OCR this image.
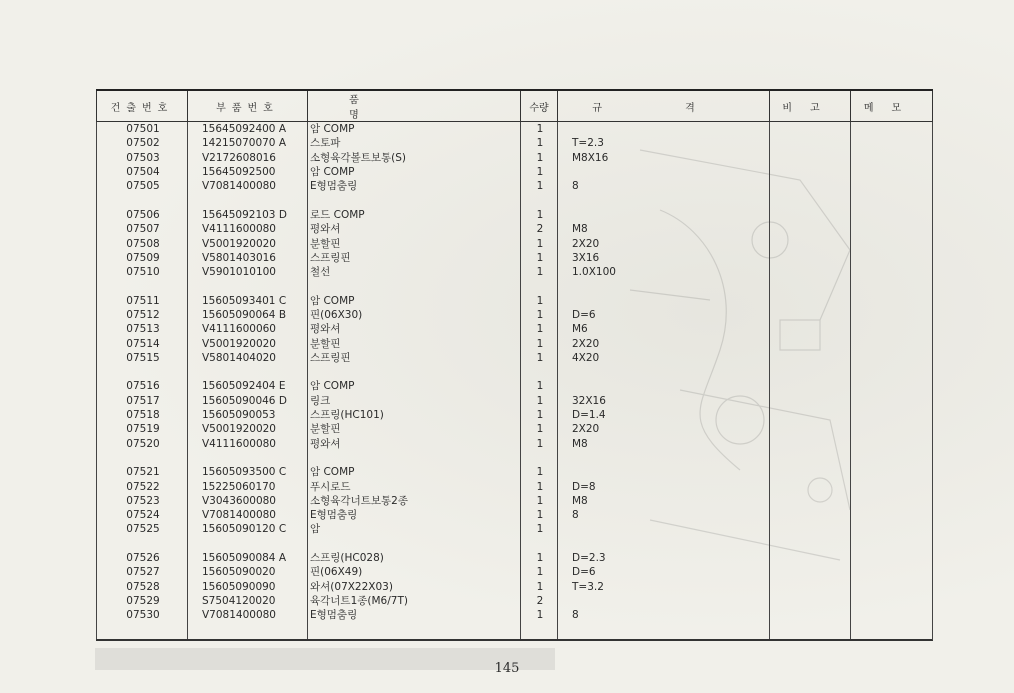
건출번호	부품번호	품 명	수량	규 격	비고	메모
07501	15645092400 A	암 COMP	1			
07502	14215070070 A	스토파	1	T=2.3		
07503	V2172608016	소형육각볼트보통(S)	1	M8X16		
07504	15645092500	암 COMP	1			
07505	V7081400080	E형멈춤링	1	8		

07506	15645092103 D	로드 COMP	1			
07507	V4111600080	평와셔	2	M8		
07508	V5001920020	분할핀	1	2X20		
07509	V5801403016	스프링핀	1	3X16		
07510	V5901010100	철선	1	1.0X100		

07511	15605093401 C	암 COMP	1			
07512	15605090064 B	핀(06X30)	1	D=6		
07513	V4111600060	평와셔	1	M6		
07514	V5001920020	분할핀	1	2X20		
07515	V5801404020	스프링핀	1	4X20		

07516	15605092404 E	암 COMP	1			
07517	15605090046 D	링크	1	32X16		
07518	15605090053	스프링(HC101)	1	D=1.4		
07519	V5001920020	분할핀	1	2X20		
07520	V4111600080	평와셔	1	M8		

07521	15605093500 C	암 COMP	1			
07522	15225060170	푸시로드	1	D=8		
07523	V3043600080	소형육각너트보통2종	1	M8		
07524	V7081400080	E형멈춤링	1	8		
07525	15605090120 C	암	1			

07526	15605090084 A	스프링(HC028)	1	D=2.3		
07527	15605090020	핀(06X49)	1	D=6		
07528	15605090090	와셔(07X22X03)	1	T=3.2		
07529	S7504120020	육각너트1종(M6/7T)	2			
07530	V7081400080	E형멈춤링	1	8		

145
